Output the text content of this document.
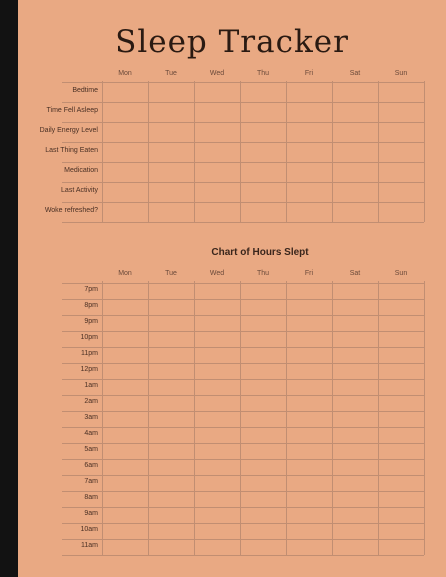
Sleep Tracker
Chart of Hours Slept
Mon	Tue	Wed	Thu	Fri	Sat	Sun
Bedtime
Time Fell Asleep
Daily Energy Level
Last Thing Eaten
Medication
Last Activity
Woke refreshed?
Mon	Tue	Wed	Thu	Fri	Sat	Sun
7pm
8pm
9pm
10pm
11pm
12pm
1am
2am
3am
4am
5am
6am
7am
8am
9am
10am
11am
